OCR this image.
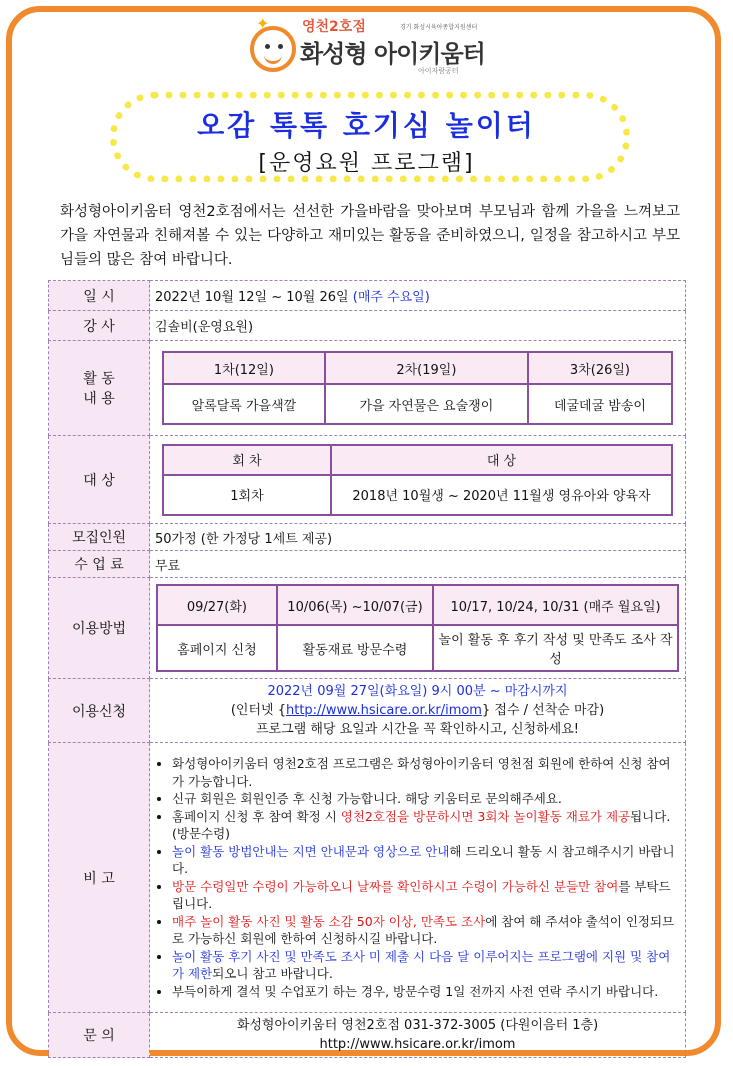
✦ 영천2호점	경기 화성시육아종합지원센터
화성형 아이키움터
아이자람공터
오감 톡톡 호기심 놀이터
[운영요원 프로그램]
화성형아이키움터 영천2호점에서는 선선한 가을바람을 맞아보며 부모님과 함께 가을을 느껴보고 가을 자연물과 친해져볼 수 있는 다양하고 재미있는 활동을 준비하였으니, 일정을 참고하시고 부모님들의 많은 참여 바랍니다.
일 시	2022년 10월 12일 ~ 10월 26일 (매주 수요일)
강 사	김솔비(운영요원)

활 동
내 용

1차(12일)	2차(19일)	3차(26일)
알록달록 가을색깔	가을 자연물은 요술쟁이	데굴데굴 밤송이

대 상	
회 차	대 상
1회차	2018년 10월생 ~ 2020년 11월생 영유아와 양육자

모집인원	50가정 (한 가정당 1세트 제공)
수 업 료	무료
이용방법	
09/27(화)	10/06(목) ~10/07(금)	10/17, 10/24, 10/31 (매주 월요일)
홈페이지 신청	활동재료 방문수령	놀이 활동 후 후기 작성 및 만족도 조사 작성

이용신청	
2022년 09월 27일(화요일) 9시 00분 ~ 마감시까지
(인터넷 {http://www.hsicare.or.kr/imom} 접수 / 선착순 마감)
프로그램 해당 요일과 시간을 꼭 확인하시고, 신청하세요!

비 고	
• 화성형아이키움터 영천2호점 프로그램은 화성형아이키움터 영천점 회원에 한하여 신청 참여가 가능합니다.
• 신규 회원은 회원인증 후 신청 가능합니다. 해당 키움터로 문의해주세요.
• 홈페이지 신청 후 참여 확정 시 영천2호점을 방문하시면 3회차 놀이활동 재료가 제공됩니다.(방문수령)
• 놀이 활동 방법안내는 지면 안내문과 영상으로 안내해 드리오니 활동 시 참고해주시기 바랍니다.
• 방문 수령일만 수령이 가능하오니 날짜를 확인하시고 수령이 가능하신 분들만 참여를 부탁드립니다.
• 매주 놀이 활동 사진 및 활동 소감 50자 이상, 만족도 조사에 참여 해 주셔야 출석이 인정되므로 가능하신 회원에 한하여 신청하시길 바랍니다.
• 놀이 활동 후기 사진 및 만족도 조사 미 제출 시 다음 달 이루어지는 프로그램에 지원 및 참여가 제한되오니 참고 바랍니다.
• 부득이하게 결석 및 수업포기 하는 경우, 방문수령 1일 전까지 사전 연락 주시기 바랍니다.

문 의	
화성형아이키움터 영천2호점 031-372-3005 (다원이음터 1층)
http://www.hsicare.or.kr/imom
